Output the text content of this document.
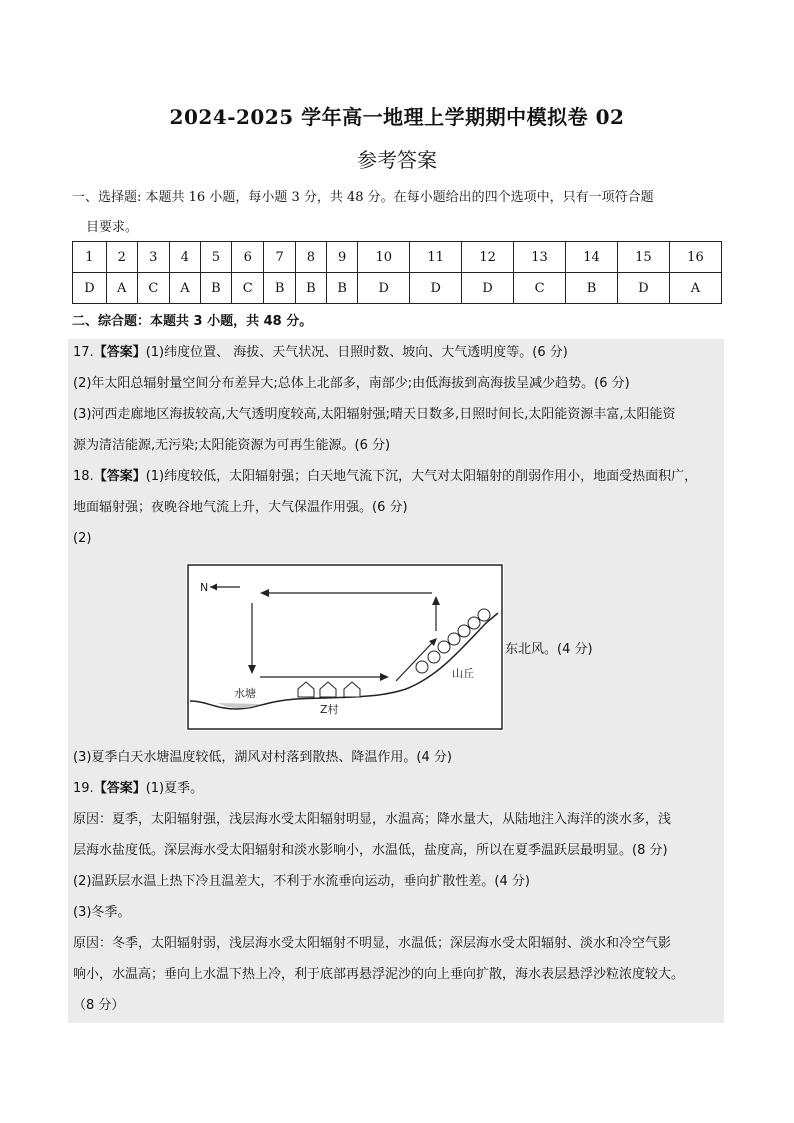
2024-2025 学年高一地理上学期期中模拟卷 02
参考答案
一、选择题: 本题共 16 小题，每小题 3 分，共 48 分。在每小题给出的四个选项中，只有一项符合题
目要求。
1	2	3	4	5	6	7	8	9	10	11	12	13	14	15	16
D	A	C	A	B	C	B	B	B	D	D	D	C	B	D	A
二、综合题：本题共 3 小题，共 48 分。
17.【答案】(1)纬度位置、 海拔、天气状况、日照时数、坡向、大气透明度等。(6 分)
(2)年太阳总辐射量空间分布差异大;总体上北部多，南部少;由低海拔到高海拔呈减少趋势。(6 分)
(3)河西走廊地区海拔较高,大气透明度较高,太阳辐射强;晴天日数多,日照时间长,太阳能资源丰富,太阳能资
源为清洁能源,无污染;太阳能资源为可再生能源。(6 分)
18.【答案】(1)纬度较低，太阳辐射强；白天地气流下沉，大气对太阳辐射的削弱作用小，地面受热面积广，
地面辐射强；夜晚谷地气流上升，大气保温作用强。(6 分)
(2)
N
水塘
Z村
山丘
东北风。(4 分)
(3)夏季白天水塘温度较低，湖风对村落到散热、降温作用。(4 分)
19.【答案】(1)夏季。
原因：夏季，太阳辐射强，浅层海水受太阳辐射明显，水温高；降水量大，从陆地注入海洋的淡水多，浅
层海水盐度低。深层海水受太阳辐射和淡水影响小，水温低，盐度高，所以在夏季温跃层最明显。(8 分)
(2)温跃层水温上热下冷且温差大，不利于水流垂向运动，垂向扩散性差。(4 分)
(3)冬季。
原因：冬季，太阳辐射弱，浅层海水受太阳辐射不明显，水温低；深层海水受太阳辐射、淡水和冷空气影
响小，水温高；垂向上水温下热上冷，利于底部再悬浮泥沙的向上垂向扩散，海水表层悬浮沙粒浓度较大。
（8 分）
